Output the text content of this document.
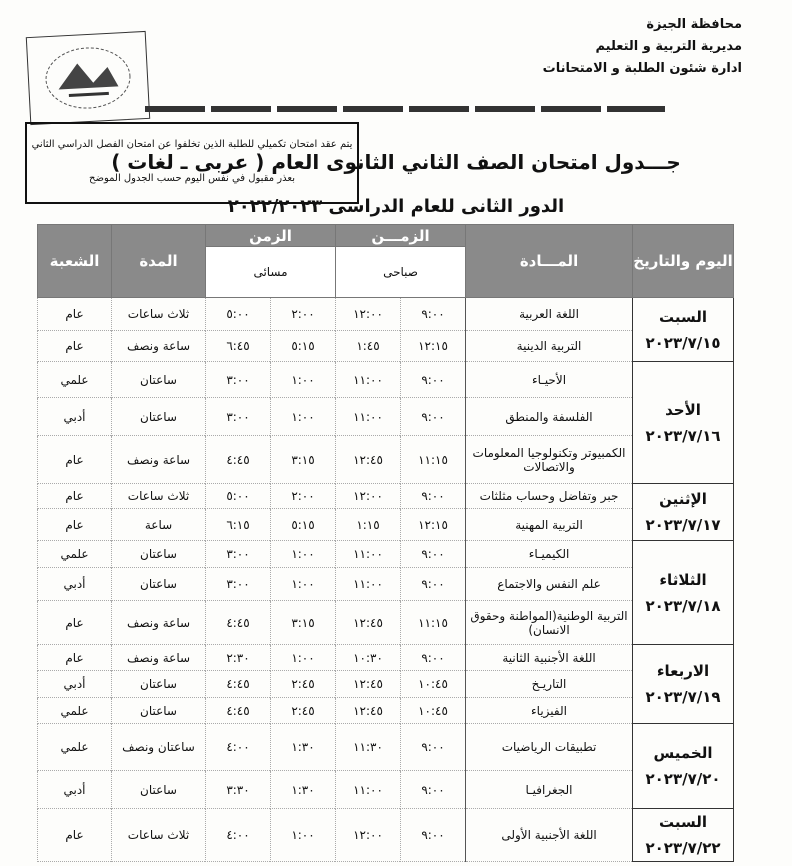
محافظة الجيزة
مديرية التربية و التعليم
ادارة شئون الطلبة و الامتحانات
يتم عقد امتحان تكميلي للطلبة الذين تخلفوا عن امتحان الفصل الدراسي الثاني
بعذر مقبول في نفس اليوم حسب الجدول الموضح
جـــدول امتحان الصف الثاني الثانوى العام ( عربى ـ لغات )
الدور الثانى للعام الدراسى ٢٠٢٢/٢٠٢٣
اليوم والتاريخ	المـــادة	الزمـــن		الزمن		المدة	الشعبة
		صباحى		مسائى			

السبت
٢٠٢٣/٧/١٥	اللغة العربية	٩:٠٠	١٢:٠٠	٢:٠٠	٥:٠٠	ثلاث ساعات	عام
	التربية الدينية	١٢:١٥	١:٤٥	٥:١٥	٦:٤٥	ساعة ونصف	عام

الأحد
٢٠٢٣/٧/١٦	الأحيـاء	٩:٠٠	١١:٠٠	١:٠٠	٣:٠٠	ساعتان	علمي
	الفلسفة والمنطق	٩:٠٠	١١:٠٠	١:٠٠	٣:٠٠	ساعتان	أدبي
	الكمبيوتر وتكنولوجيا المعلومات والاتصالات	١١:١٥	١٢:٤٥	٣:١٥	٤:٤٥	ساعة ونصف	عام

الإثنين
٢٠٢٣/٧/١٧	جبر وتفاضل وحساب مثلثات	٩:٠٠	١٢:٠٠	٢:٠٠	٥:٠٠	ثلاث ساعات	عام
	التربية المهنية	١٢:١٥	١:١٥	٥:١٥	٦:١٥	ساعة	عام

الثلاثاء
٢٠٢٣/٧/١٨	الكيميـاء	٩:٠٠	١١:٠٠	١:٠٠	٣:٠٠	ساعتان	علمي
	علم النفس والاجتماع	٩:٠٠	١١:٠٠	١:٠٠	٣:٠٠	ساعتان	أدبي
	التربية الوطنية(المواطنة وحقوق الانسان)	١١:١٥	١٢:٤٥	٣:١٥	٤:٤٥	ساعة ونصف	عام

الاربعاء
٢٠٢٣/٧/١٩	اللغة الأجنبية الثانية	٩:٠٠	١٠:٣٠	١:٠٠	٢:٣٠	ساعة ونصف	عام
	التاريـخ	١٠:٤٥	١٢:٤٥	٢:٤٥	٤:٤٥	ساعتان	أدبي
	الفيزياء	١٠:٤٥	١٢:٤٥	٢:٤٥	٤:٤٥	ساعتان	علمي

الخميس
٢٠٢٣/٧/٢٠	تطبيقات الرياضيات	٩:٠٠	١١:٣٠	١:٣٠	٤:٠٠	ساعتان ونصف	علمي
	الجغرافيـا	٩:٠٠	١١:٠٠	١:٣٠	٣:٣٠	ساعتان	أدبي

السبت
٢٠٢٣/٧/٢٢	اللغة الأجنبية الأولى	٩:٠٠	١٢:٠٠	١:٠٠	٤:٠٠	ثلاث ساعات	عام
